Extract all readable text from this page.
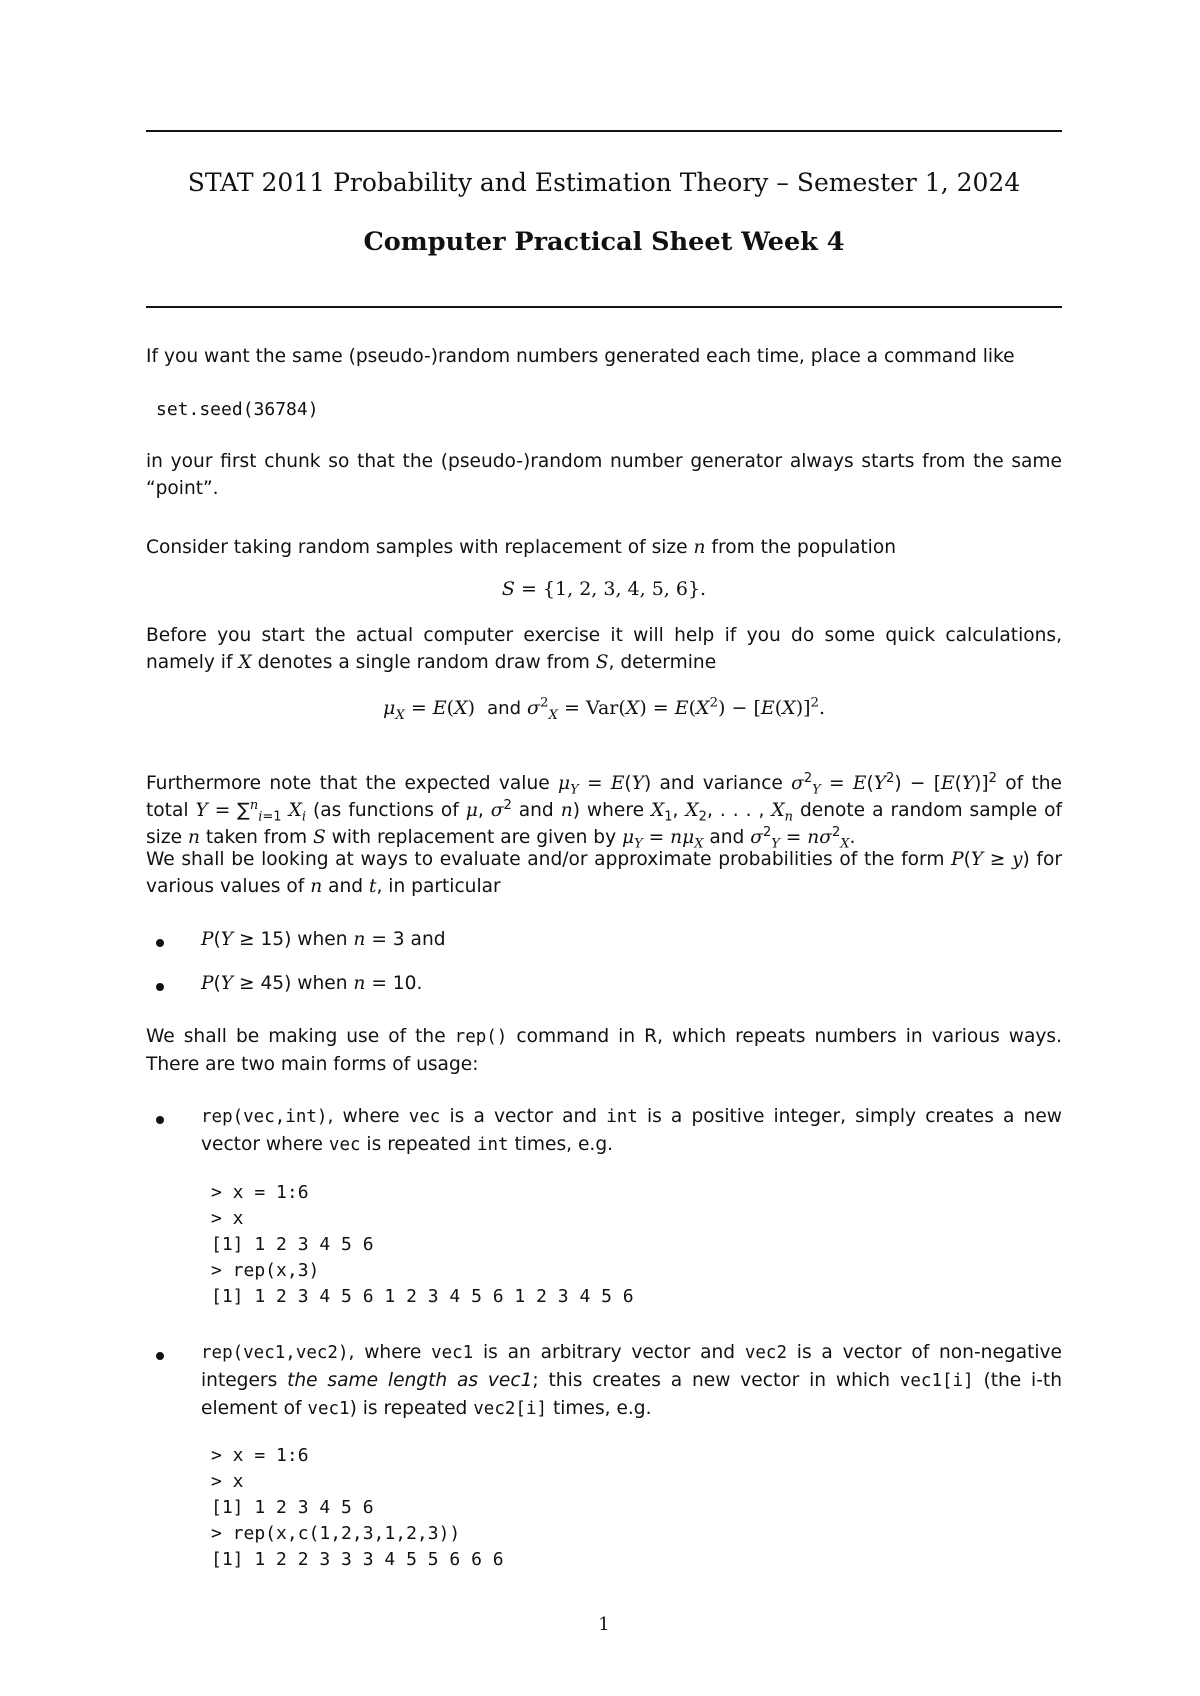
STAT 2011 Probability and Estimation Theory – Semester 1, 2024
Computer Practical Sheet Week 4
If you want the same (pseudo-)random numbers generated each time, place a command like
set.seed(36784)
in your first chunk so that the (pseudo-)random number generator always starts from the same “point”.
Consider taking random samples with replacement of size n from the population
S = {1, 2, 3, 4, 5, 6}.
Before you start the actual computer exercise it will help if you do some quick calculations, namely if X denotes a single random draw from S, determine
$\mu_X = E(X)$  and $\sigma^2_X = Var(X) = E(X^2) - [E(X)]^2$.
Furthermore note that the expected value $\mu_Y = E(Y)$ and variance $\sigma^2_Y = E(Y^2) - [E(Y)]^2$ of the total Y = ∑$^n_{i=1}$ $X_i$ (as functions of μ, $\sigma^2$ and n) where $X_1$, $X_2$, . . . , $X_n$ denote a random sample of size n taken from S with replacement are given by $\mu_Y = n\mu_X$ and $\sigma^2_Y = n\sigma^2_X$.
We shall be looking at ways to evaluate and/or approximate probabilities of the form P(Y ≥ y) for various values of n and t, in particular
P(Y ≥ 15) when n = 3 and
P(Y ≥ 45) when n = 10.
We shall be making use of the rep() command in R, which repeats numbers in various ways. There are two main forms of usage:
rep(vec,int), where vec is a vector and int is a positive integer, simply creates a new vector where vec is repeated int times, e.g.
> x = 1:6
> x
[1] 1 2 3 4 5 6
> rep(x,3)
[1] 1 2 3 4 5 6 1 2 3 4 5 6 1 2 3 4 5 6
rep(vec1,vec2), where vec1 is an arbitrary vector and vec2 is a vector of non-negative integers the same length as vec1; this creates a new vector in which vec1[i] (the i-th element of vec1) is repeated vec2[i] times, e.g.
> x = 1:6
> x
[1] 1 2 3 4 5 6
> rep(x,c(1,2,3,1,2,3))
[1] 1 2 2 3 3 3 4 5 5 6 6 6
1
